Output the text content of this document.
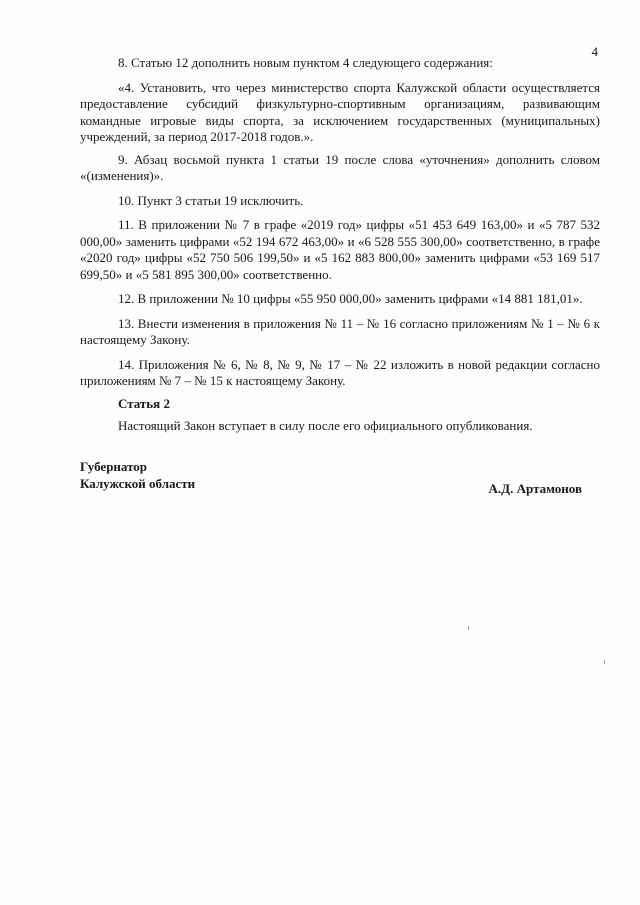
4

8. Статью 12 дополнить новым пунктом 4 следующего содержания:

«4. Установить, что через министерство спорта Калужской области осуществляется предоставление субсидий физкультурно-спортивным организациям, развивающим командные игровые виды спорта, за исключением государственных (муниципальных) учреждений, за период 2017-2018 годов.».

9. Абзац восьмой пункта 1 статьи 19 после слова «уточнения» дополнить словом «(изменения)».

10. Пункт 3 статьи 19 исключить.

11. В приложении № 7 в графе «2019 год» цифры «51 453 649 163,00» и «5 787 532 000,00» заменить цифрами «52 194 672 463,00» и «6 528 555 300,00» соответственно, в графе «2020 год» цифры «52 750 506 199,50» и «5 162 883 800,00» заменить цифрами «53 169 517 699,50» и «5 581 895 300,00» соответственно.

12. В приложении № 10 цифры «55 950 000,00» заменить цифрами «14 881 181,01».

13. Внести изменения в приложения № 11 – № 16 согласно приложениям № 1 – № 6 к настоящему Закону.

14. Приложения № 6, № 8, № 9, № 17 – № 22 изложить в новой редакции согласно приложениям № 7 – № 15 к настоящему Закону.

Статья 2

Настоящий Закон вступает в силу после его официального опубликования.

Губернатор
Калужской области	А.Д. Артамонов
